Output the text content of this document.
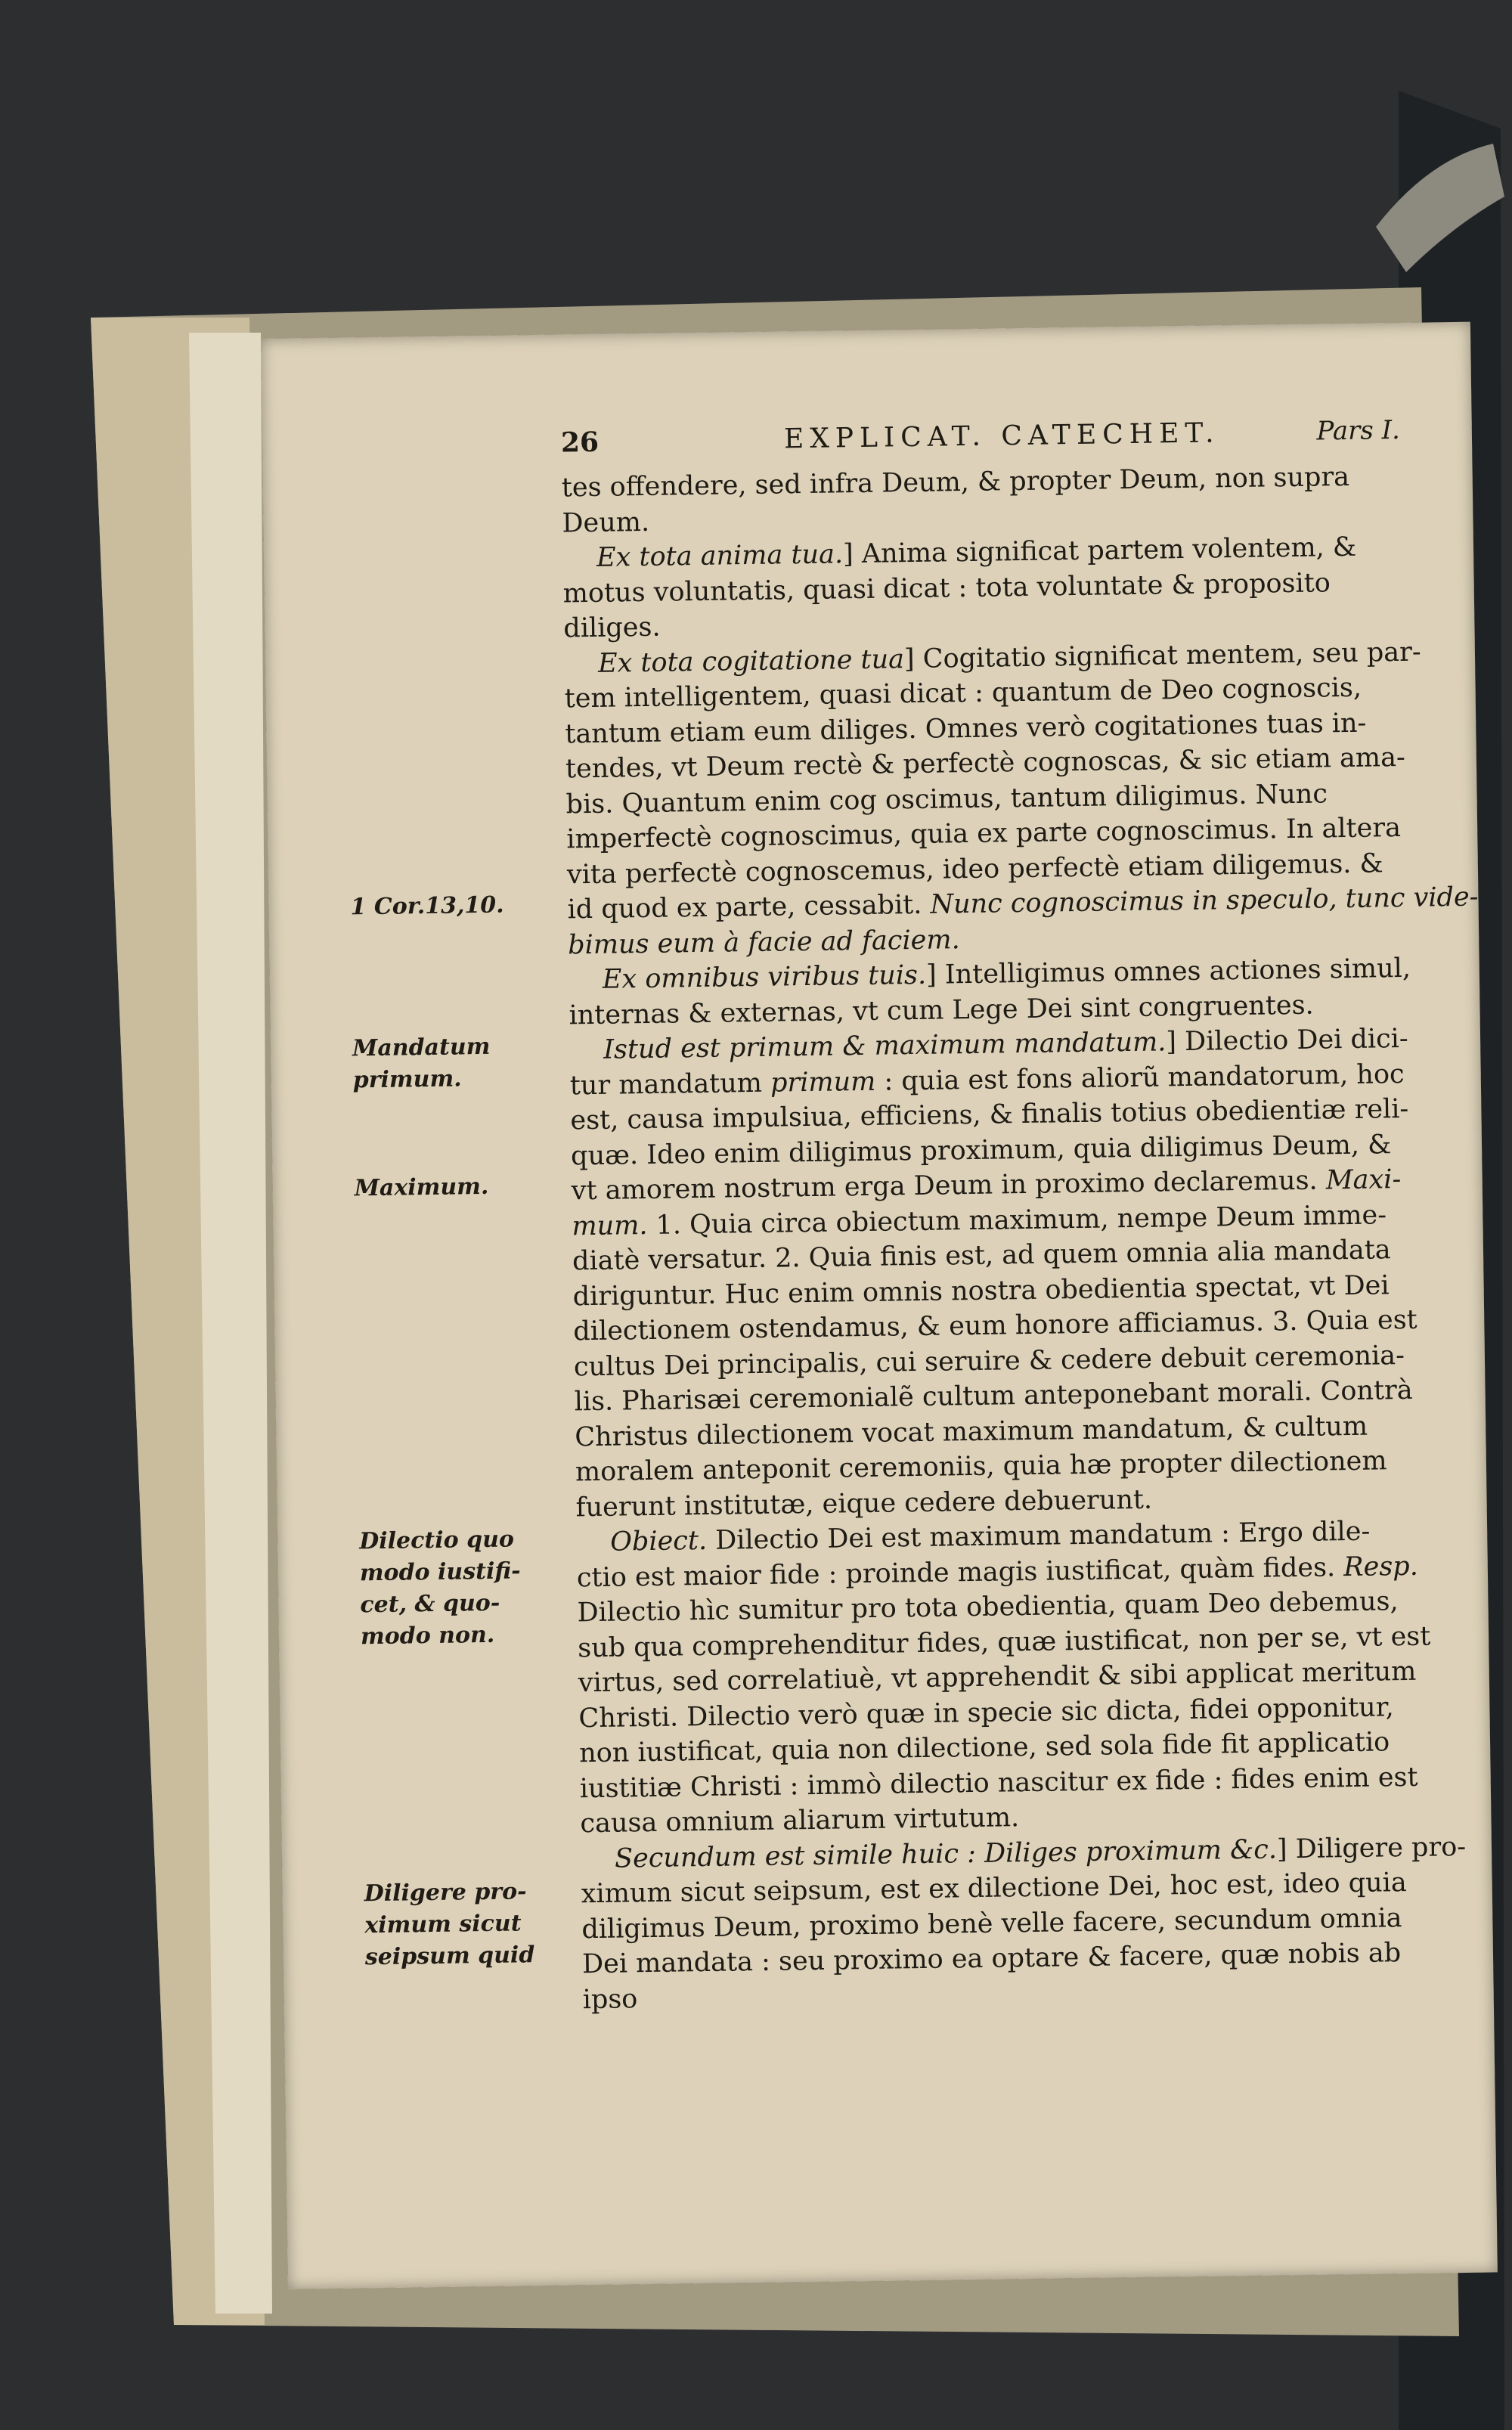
26	EXPLICAT. CATECHET.	Pars I.
1 Cor.13,10.
Mandatum
primum.
Maximum.
Dilectio quo
modo iustifi-
cet, & quo-
modo non.
Diligere pro-
ximum sicut
seipsum quid
tes offendere, sed infra Deum, & propter Deum, non supra
Deum.
Ex tota anima tua.] Anima significat partem volentem, &
motus voluntatis, quasi dicat : tota voluntate & proposito
diliges.
Ex tota cogitatione tua] Cogitatio significat mentem, seu par-
tem intelligentem, quasi dicat : quantum de Deo cognoscis,
tantum etiam eum diliges. Omnes verò cogitationes tuas in-
tendes, vt Deum rectè & perfectè cognoscas, & sic etiam ama-
bis. Quantum enim cog oscimus, tantum diligimus. Nunc
imperfectè cognoscimus, quia ex parte cognoscimus. In altera
vita perfectè cognoscemus, ideo perfectè etiam diligemus. &
id quod ex parte, cessabit. Nunc cognoscimus in speculo, tunc vide-
bimus eum à facie ad faciem.
Ex omnibus viribus tuis.] Intelligimus omnes actiones simul,
internas & externas, vt cum Lege Dei sint congruentes.
Istud est primum & maximum mandatum.] Dilectio Dei dici-
tur mandatum primum : quia est fons aliorũ mandatorum, hoc
est, causa impulsiua, efficiens, & finalis totius obedientiæ reli-
quæ. Ideo enim diligimus proximum, quia diligimus Deum, &
vt amorem nostrum erga Deum in proximo declaremus. Maxi-
mum. 1. Quia circa obiectum maximum, nempe Deum imme-
diatè versatur. 2. Quia finis est, ad quem omnia alia mandata
diriguntur. Huc enim omnis nostra obedientia spectat, vt Dei
dilectionem ostendamus, & eum honore afficiamus. 3. Quia est
cultus Dei principalis, cui seruire & cedere debuit ceremonia-
lis. Pharisæi ceremonialẽ cultum anteponebant morali. Contrà
Christus dilectionem vocat maximum mandatum, & cultum
moralem anteponit ceremoniis, quia hæ propter dilectionem
fuerunt institutæ, eique cedere debuerunt.
Obiect. Dilectio Dei est maximum mandatum : Ergo dile-
ctio est maior fide : proinde magis iustificat, quàm fides. Resp.
Dilectio hìc sumitur pro tota obedientia, quam Deo debemus,
sub qua comprehenditur fides, quæ iustificat, non per se, vt est
virtus, sed correlatiuè, vt apprehendit & sibi applicat meritum
Christi. Dilectio verò quæ in specie sic dicta, fidei opponitur,
non iustificat, quia non dilectione, sed sola fide fit applicatio
iustitiæ Christi : immò dilectio nascitur ex fide : fides enim est
causa omnium aliarum virtutum.
Secundum est simile huic : Diliges proximum &c.] Diligere pro-
ximum sicut seipsum, est ex dilectione Dei, hoc est, ideo quia
diligimus Deum, proximo benè velle facere, secundum omnia
Dei mandata : seu proximo ea optare & facere, quæ nobis ab
ipso
